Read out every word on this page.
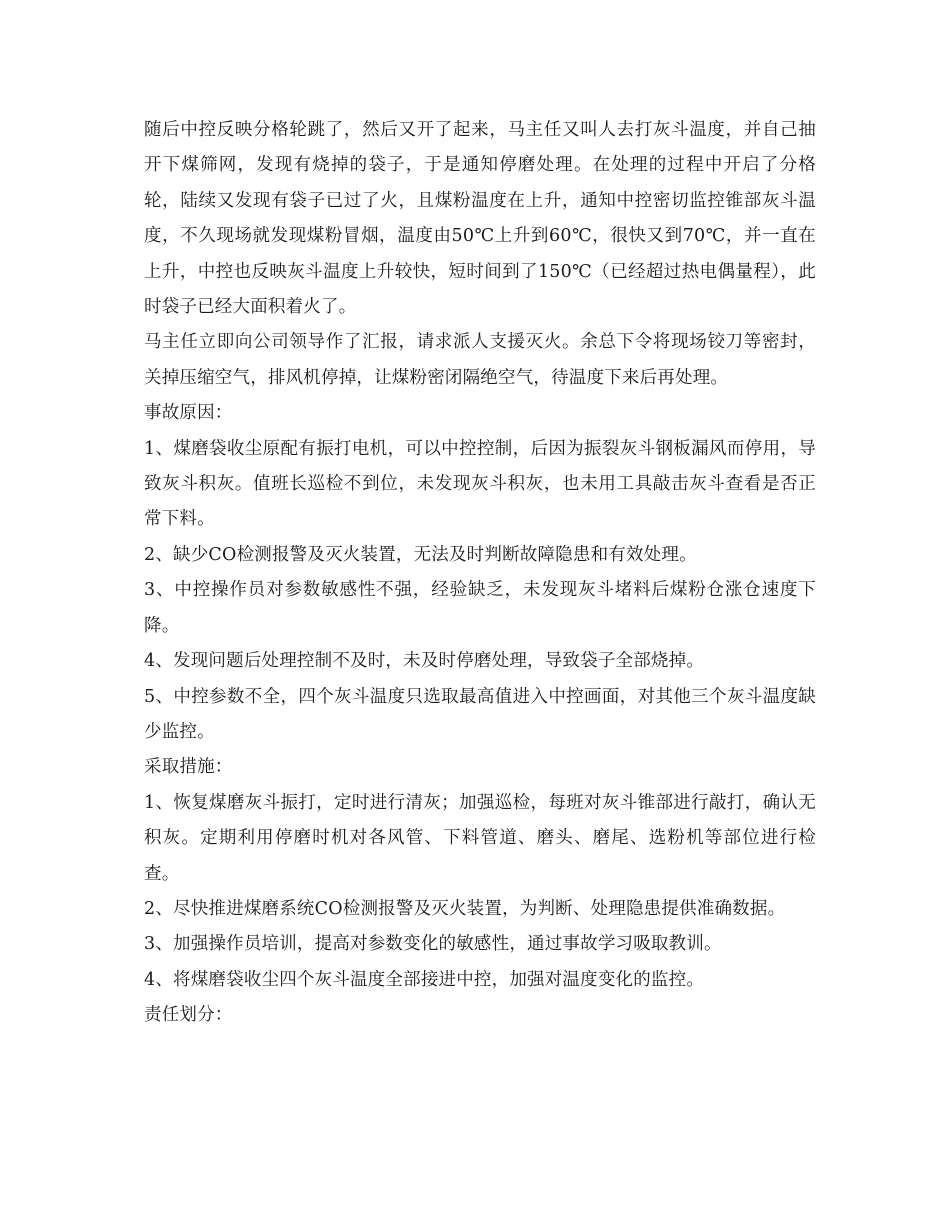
随后中控反映分格轮跳了，然后又开了起来，马主任又叫人去打灰斗温度，并自己抽开下煤筛网，发现有烧掉的袋子，于是通知停磨处理。在处理的过程中开启了分格轮，陆续又发现有袋子已过了火，且煤粉温度在上升，通知中控密切监控锥部灰斗温度，不久现场就发现煤粉冒烟，温度由50℃上升到60℃，很快又到70℃，并一直在上升，中控也反映灰斗温度上升较快，短时间到了150℃（已经超过热电偶量程），此时袋子已经大面积着火了。

马主任立即向公司领导作了汇报，请求派人支援灭火。余总下令将现场铰刀等密封，关掉压缩空气，排风机停掉，让煤粉密闭隔绝空气，待温度下来后再处理。

事故原因：

1、煤磨袋收尘原配有振打电机，可以中控控制，后因为振裂灰斗钢板漏风而停用，导致灰斗积灰。值班长巡检不到位，未发现灰斗积灰，也未用工具敲击灰斗查看是否正常下料。

2、缺少CO检测报警及灭火装置，无法及时判断故障隐患和有效处理。

3、中控操作员对参数敏感性不强，经验缺乏，未发现灰斗堵料后煤粉仓涨仓速度下降。

4、发现问题后处理控制不及时，未及时停磨处理，导致袋子全部烧掉。

5、中控参数不全，四个灰斗温度只选取最高值进入中控画面，对其他三个灰斗温度缺少监控。

采取措施：

1、恢复煤磨灰斗振打，定时进行清灰；加强巡检，每班对灰斗锥部进行敲打，确认无积灰。定期利用停磨时机对各风管、下料管道、磨头、磨尾、选粉机等部位进行检查。

2、尽快推进煤磨系统CO检测报警及灭火装置，为判断、处理隐患提供准确数据。

3、加强操作员培训，提高对参数变化的敏感性，通过事故学习吸取教训。

4、将煤磨袋收尘四个灰斗温度全部接进中控，加强对温度变化的监控。

责任划分：
